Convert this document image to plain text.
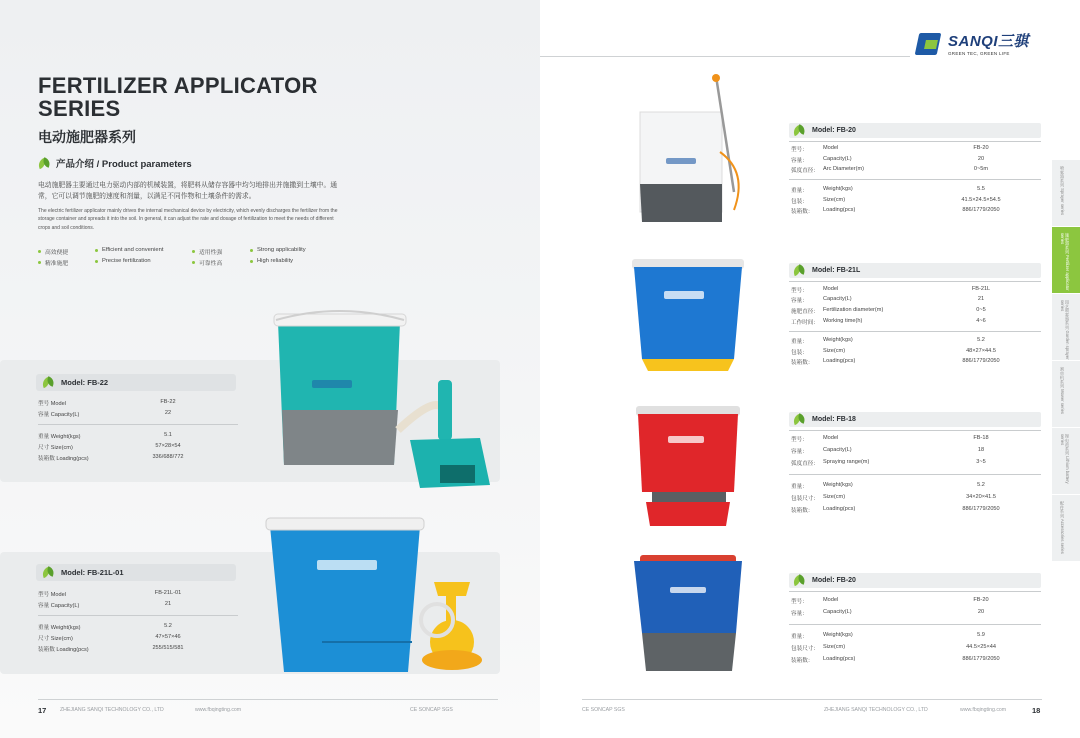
FERTILIZER APPLICATOR SERIES
电动施肥器系列
产品介绍 / Product parameters
电动施肥器主要通过电力驱动内部的机械装置，将肥料从储存容器中均匀地排出并施撒到土壤中。通常，它可以调节施肥的速度和剂量，以满足不同作物和土壤条件的需求。
The electric fertilizer applicator mainly drives the internal mechanical device by electricity, which evenly discharges the fertilizer from the storage container and spreads it into the soil. In general, it can adjust the rate and dosage of fertilization to meet the needs of different crops and soil conditions.
高效便捷	Efficient and convenient	适用性强	Strong applicability
精准施肥	Precise fertilization	可靠性高	High reliability
Model: FB-22
型号 Model	FB-22
容量 Capacity(L)	22
重量 Weight(kgs)	5.1
尺寸 Size(cm)	57×28×54
装箱数 Loading(pcs)	336/688/772
Model: FB-21L-01
型号 Model	FB-21L-01
容量 Capacity(L)	21
重量 Weight(kgs)	5.2
尺寸 Size(cm)	47×57×46
装箱数 Loading(pcs)	255/515/581
17	ZHEJIANG SANQI TECHNOLOGY CO., LTD	www.fbqingting.com	CE SONCAP SGS
SANQI三骐
GREEN TEC, GREEN LIFE
Model: FB-20
型号：	Model	FB-20
容量：	Capacity(L)	20
弧度直径： Arc Diameter(m)	0~5m
重量：	Weight(kgs)	5.5
包装：	Size(cm)	41.5×24.5×54.5
装箱数： Loading(pcs)	886/1779/2050
Model: FB-21L
型号：	Model	FB-21L
容量：	Capacity(L)	21
施肥直径： Fertilization diameter(m)	0~5
工作时间： Working time(h)	4~6
重量：	Weight(kgs)	5.2
包装：	Size(cm)	48×27×44.5
装箱数： Loading(pcs)	886/1779/2050
Model: FB-18
型号：	Model	FB-18
容量：	Capacity(L)	18
弧度直径： Spraying range(m)	3~5
重量：	Weight(kgs)	5.2
包装尺寸： Size(cm)	34×20×41.5
装箱数： Loading(pcs)	886/1779/2050
Model: FB-20
型号：	Model	FB-20
容量：	Capacity(L)	20
重量：	Weight(kgs)	5.9
包装尺寸： Size(cm)	44.5×25×44
装箱数： Loading(pcs)	886/1779/2050
喷雾器系列 Sprayer series
施肥器系列 Fertilizer applicator series
园艺喷雾器系列 Garden sprayer series
割草机系列 Mower series
锂电池系列 Lithium battery series
配件系列 Accessories series
CE SONCAP SGS	ZHEJIANG SANQI TECHNOLOGY CO., LTD	www.fbqingting.com	18
